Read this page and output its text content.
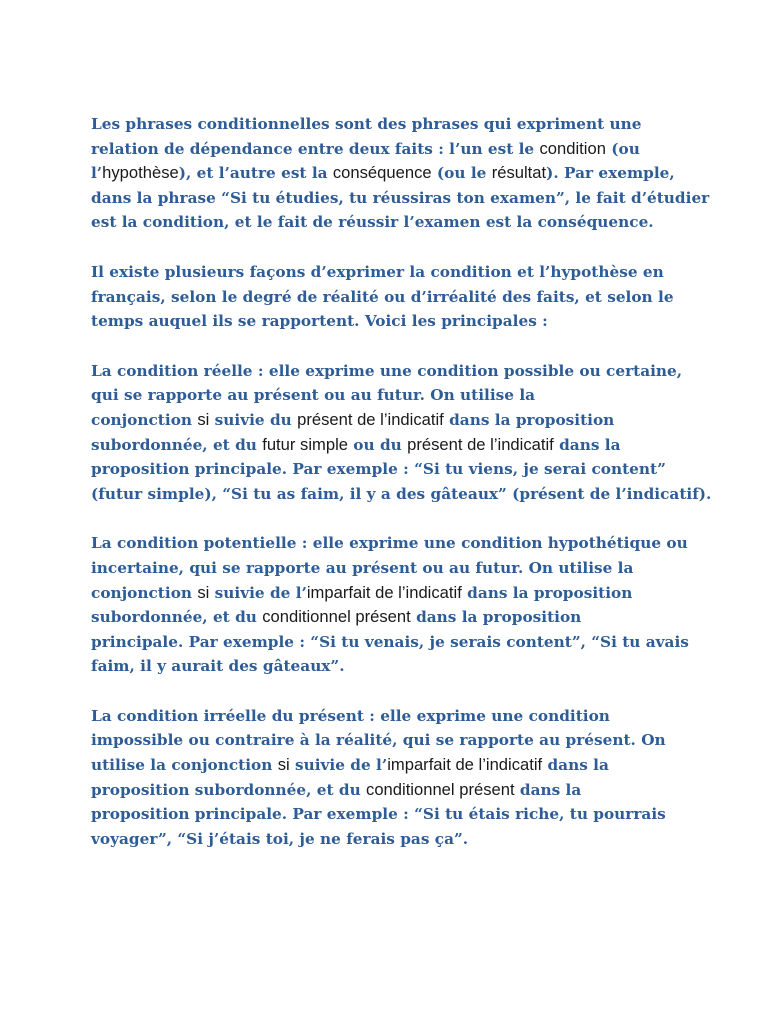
Les phrases conditionnelles sont des phrases qui expriment une
relation de dépendance entre deux faits : l’un est le condition (ou
l’hypothèse), et l’autre est la conséquence (ou le résultat). Par exemple,
dans la phrase “Si tu étudies, tu réussiras ton examen”, le fait d’étudier
est la condition, et le fait de réussir l’examen est la conséquence.

Il existe plusieurs façons d’exprimer la condition et l’hypothèse en
français, selon le degré de réalité ou d’irréalité des faits, et selon le
temps auquel ils se rapportent. Voici les principales :

La condition réelle : elle exprime une condition possible ou certaine,
qui se rapporte au présent ou au futur. On utilise la
conjonction si suivie du présent de l’indicatif dans la proposition
subordonnée, et du futur simple ou du présent de l’indicatif dans la
proposition principale. Par exemple : “Si tu viens, je serai content”
(futur simple), “Si tu as faim, il y a des gâteaux” (présent de l’indicatif).

La condition potentielle : elle exprime une condition hypothétique ou
incertaine, qui se rapporte au présent ou au futur. On utilise la
conjonction si suivie de l’imparfait de l’indicatif dans la proposition
subordonnée, et du conditionnel présent dans la proposition
principale. Par exemple : “Si tu venais, je serais content”, “Si tu avais
faim, il y aurait des gâteaux”.

La condition irréelle du présent : elle exprime une condition
impossible ou contraire à la réalité, qui se rapporte au présent. On
utilise la conjonction si suivie de l’imparfait de l’indicatif dans la
proposition subordonnée, et du conditionnel présent dans la
proposition principale. Par exemple : “Si tu étais riche, tu pourrais
voyager”, “Si j’étais toi, je ne ferais pas ça”.
